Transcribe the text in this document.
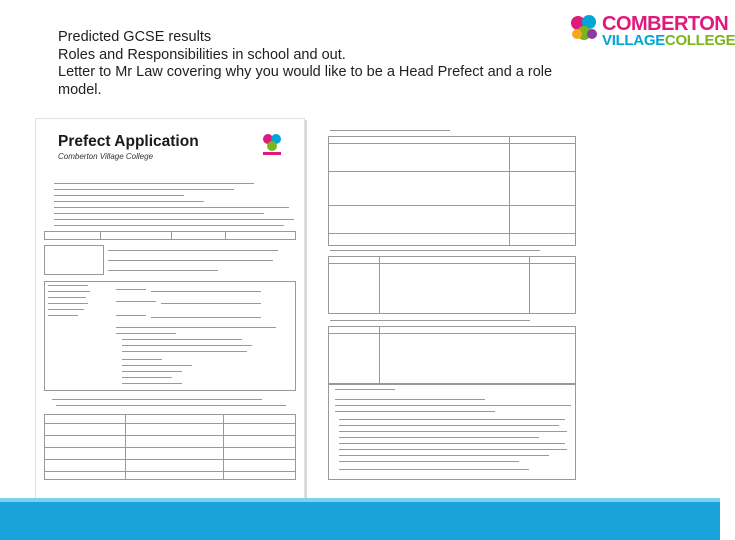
Predicted GCSE results
Roles and Responsibilities in school and out.
Letter to Mr Law covering why you would like to be a Head Prefect and a role
model.
COMBERTON
VILLAGECOLLEGE
Prefect Application
Comberton Village College
